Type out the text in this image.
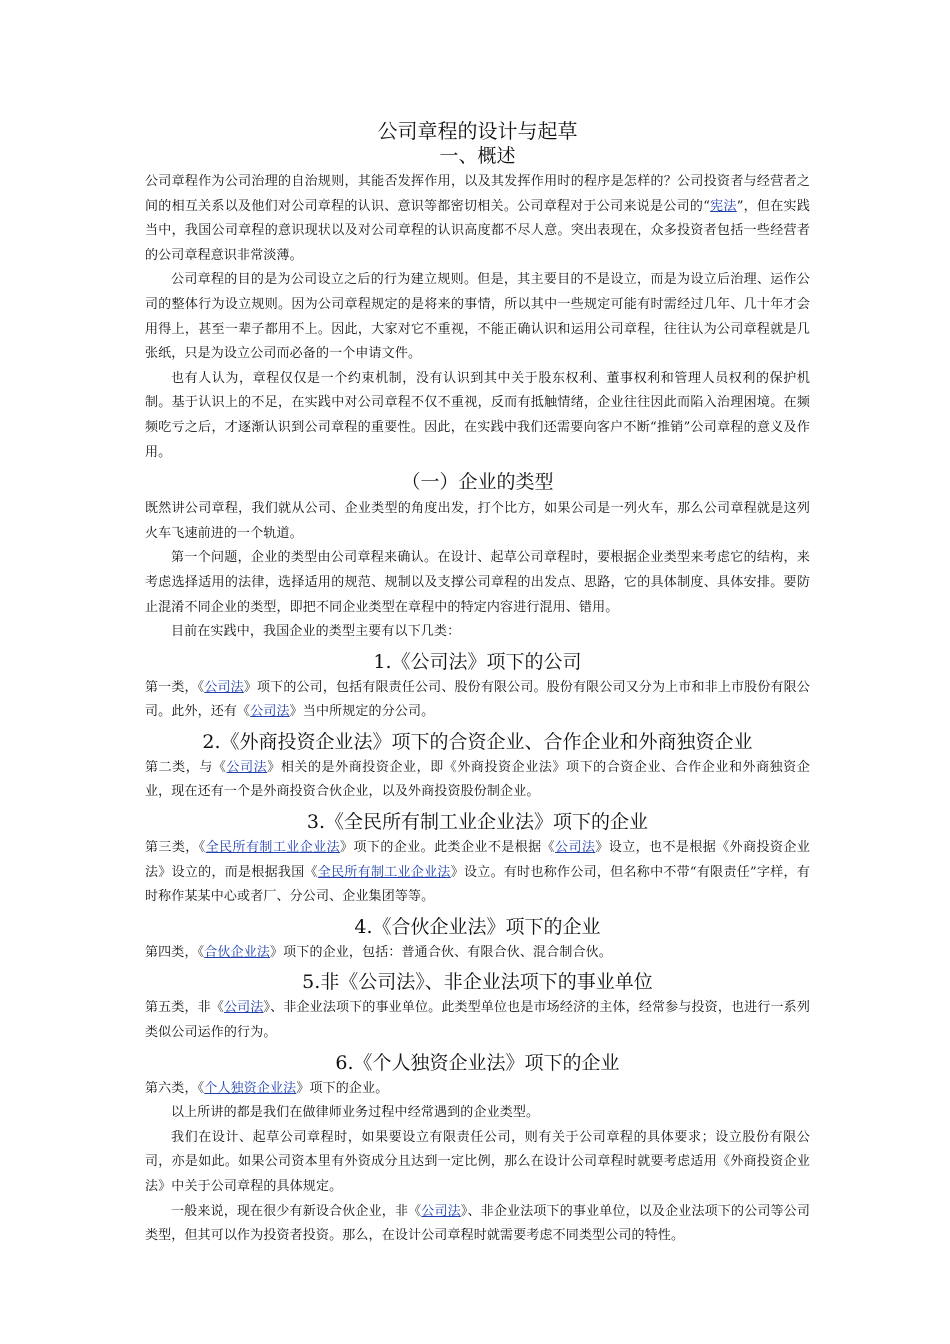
公司章程的设计与起草
一、概述

公司章程作为公司治理的自治规则，其能否发挥作用，以及其发挥作用时的程序是怎样的？公司投资者与经营者之间的相互关系以及他们对公司章程的认识、意识等都密切相关。公司章程对于公司来说是公司的“宪法”，但在实践当中，我国公司章程的意识现状以及对公司章程的认识高度都不尽人意。突出表现在，众多投资者包括一些经营者的公司章程意识非常淡薄。

公司章程的目的是为公司设立之后的行为建立规则。但是，其主要目的不是设立，而是为设立后治理、运作公司的整体行为设立规则。因为公司章程规定的是将来的事情，所以其中一些规定可能有时需经过几年、几十年才会用得上，甚至一辈子都用不上。因此，大家对它不重视，不能正确认识和运用公司章程，往往认为公司章程就是几张纸，只是为设立公司而必备的一个申请文件。

也有人认为，章程仅仅是一个约束机制，没有认识到其中关于股东权利、董事权利和管理人员权利的保护机制。基于认识上的不足，在实践中对公司章程不仅不重视，反而有抵触情绪，企业往往因此而陷入治理困境。在频频吃亏之后，才逐渐认识到公司章程的重要性。因此，在实践中我们还需要向客户不断“推销”公司章程的意义及作用。

（一）企业的类型

既然讲公司章程，我们就从公司、企业类型的角度出发，打个比方，如果公司是一列火车，那么公司章程就是这列火车飞速前进的一个轨道。

第一个问题，企业的类型由公司章程来确认。在设计、起草公司章程时，要根据企业类型来考虑它的结构，来考虑选择适用的法律，选择适用的规范、规制以及支撑公司章程的出发点、思路，它的具体制度、具体安排。要防止混淆不同企业的类型，即把不同企业类型在章程中的特定内容进行混用、错用。

目前在实践中，我国企业的类型主要有以下几类：

1.《公司法》项下的公司

第一类，《公司法》项下的公司，包括有限责任公司、股份有限公司。股份有限公司又分为上市和非上市股份有限公司。此外，还有《公司法》当中所规定的分公司。

2.《外商投资企业法》项下的合资企业、合作企业和外商独资企业

第二类，与《公司法》相关的是外商投资企业，即《外商投资企业法》项下的合资企业、合作企业和外商独资企业，现在还有一个是外商投资合伙企业，以及外商投资股份制企业。

3.《全民所有制工业企业法》项下的企业

第三类，《全民所有制工业企业法》项下的企业。此类企业不是根据《公司法》设立，也不是根据《外商投资企业法》设立的，而是根据我国《全民所有制工业企业法》设立。有时也称作公司，但名称中不带“有限责任”字样，有时称作某某中心或者厂、分公司、企业集团等等。

4.《合伙企业法》项下的企业

第四类，《合伙企业法》项下的企业，包括：普通合伙、有限合伙、混合制合伙。

5.非《公司法》、非企业法项下的事业单位

第五类，非《公司法》、非企业法项下的事业单位。此类型单位也是市场经济的主体，经常参与投资，也进行一系列类似公司运作的行为。

6.《个人独资企业法》项下的企业

第六类，《个人独资企业法》项下的企业。

以上所讲的都是我们在做律师业务过程中经常遇到的企业类型。

我们在设计、起草公司章程时，如果要设立有限责任公司，则有关于公司章程的具体要求；设立股份有限公司，亦是如此。如果公司资本里有外资成分且达到一定比例，那么在设计公司章程时就要考虑适用《外商投资企业法》中关于公司章程的具体规定。

一般来说，现在很少有新设合伙企业，非《公司法》、非企业法项下的事业单位，以及企业法项下的公司等公司类型，但其可以作为投资者投资。那么，在设计公司章程时就需要考虑不同类型公司的特性。
